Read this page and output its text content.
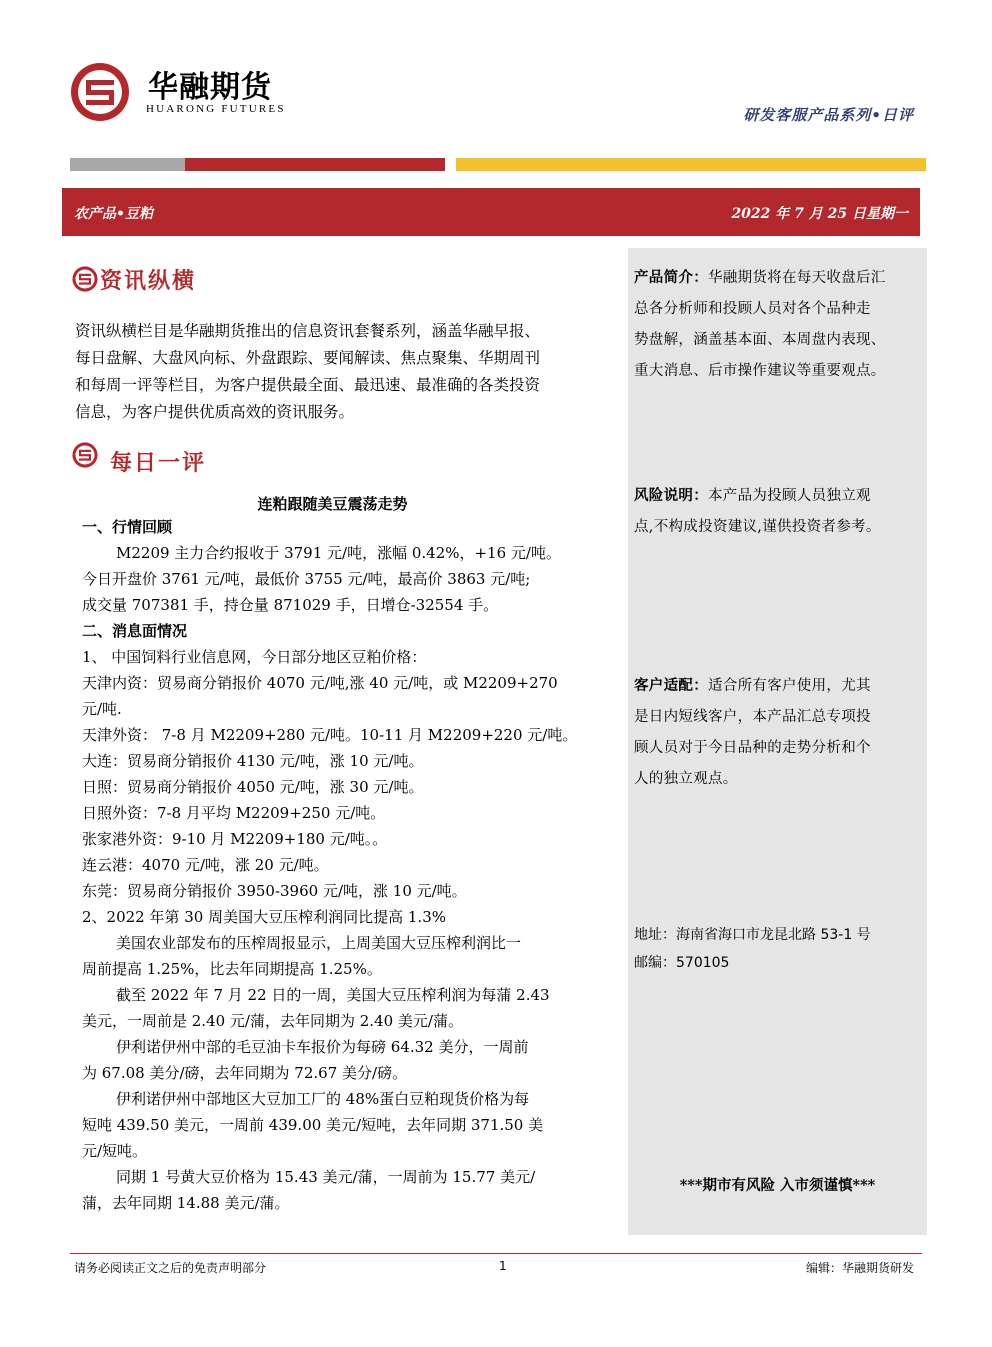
华融期货
HUARONG FUTURES	研发客服产品系列•日评
农产品•豆粕	2022 年 7 月 25 日星期一
产品简介：华融期货将在每天收盘后汇
总各分析师和投顾人员对各个品种走
势盘解，涵盖基本面、本周盘内表现、
重大消息、后市操作建议等重要观点。
风险说明：本产品为投顾人员独立观
点,不构成投资建议,谨供投资者参考。
客户适配：适合所有客户使用，尤其
是日内短线客户，本产品汇总专项投
顾人员对于今日品种的走势分析和个
人的独立观点。
地址：海南省海口市龙昆北路 53-1 号
邮编：570105
***期市有风险 入市须谨慎***
资讯纵横
资讯纵横栏目是华融期货推出的信息资讯套餐系列，涵盖华融早报、
每日盘解、大盘风向标、外盘跟踪、要闻解读、焦点聚集、华期周刊
和每周一评等栏目，为客户提供最全面、最迅速、最准确的各类投资
信息，为客户提供优质高效的资讯服务。
每日一评
连粕跟随美豆震荡走势
一、行情回顾
M2209 主力合约报收于 3791 元/吨，涨幅 0.42%，+16 元/吨。
今日开盘价 3761 元/吨，最低价 3755 元/吨，最高价 3863 元/吨;
成交量 707381 手，持仓量 871029 手，日增仓-32554 手。
二、消息面情况
1、 中国饲料行业信息网，今日部分地区豆粕价格：
天津内资：贸易商分销报价 4070 元/吨,涨 40 元/吨，或 M2209+270
元/吨.
天津外资： 7-8 月 M2209+280 元/吨。10-11 月 M2209+220 元/吨。
大连：贸易商分销报价 4130 元/吨，涨 10 元/吨。
日照：贸易商分销报价 4050 元/吨，涨 30 元/吨。
日照外资：7-8 月平均 M2209+250 元/吨。
张家港外资：9-10 月 M2209+180 元/吨。。
连云港：4070 元/吨，涨 20 元/吨。
东莞：贸易商分销报价 3950-3960 元/吨，涨 10 元/吨。
2、2022 年第 30 周美国大豆压榨利润同比提高 1.3%
美国农业部发布的压榨周报显示，上周美国大豆压榨利润比一
周前提高 1.25%，比去年同期提高 1.25%。
截至 2022 年 7 月 22 日的一周，美国大豆压榨利润为每蒲 2.43
美元，一周前是 2.40 元/蒲，去年同期为 2.40 美元/蒲。
伊利诺伊州中部的毛豆油卡车报价为每磅 64.32 美分，一周前
为 67.08 美分/磅，去年同期为 72.67 美分/磅。
伊利诺伊州中部地区大豆加工厂的 48%蛋白豆粕现货价格为每
短吨 439.50 美元，一周前 439.00 美元/短吨，去年同期 371.50 美
元/短吨。
同期 1 号黄大豆价格为 15.43 美元/蒲，一周前为 15.77 美元/
蒲，去年同期 14.88 美元/蒲。
请务必阅读正文之后的免责声明部分	1	编辑：华融期货研发
